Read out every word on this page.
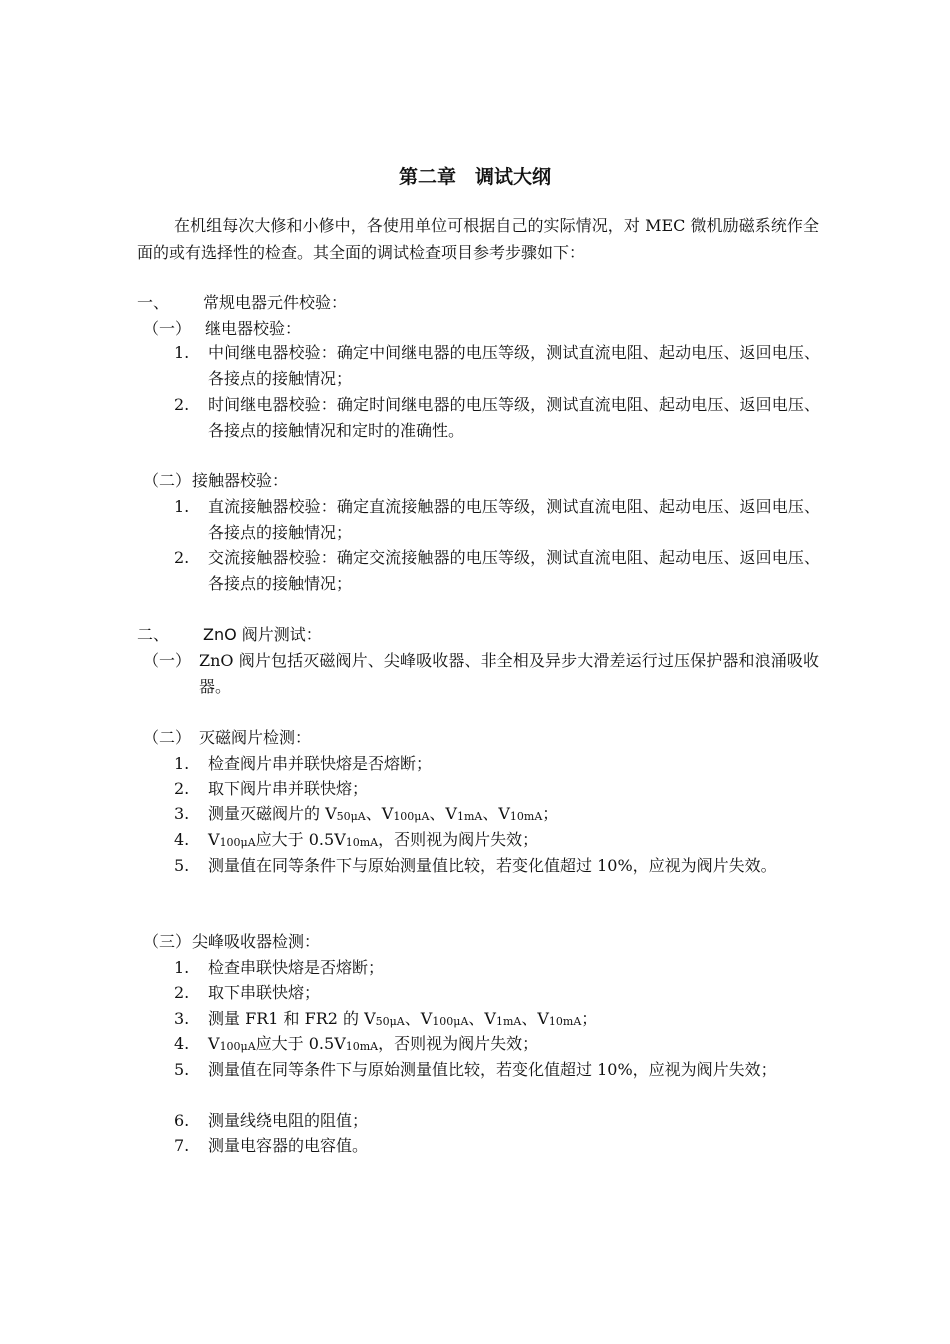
第二章　调试大纲
在机组每次大修和小修中，各使用单位可根据自己的实际情况，对 MEC 微机励磁系统作全面的或有选择性的检查。其全面的调试检查项目参考步骤如下：
一、 常规电器元件校验：
（一） 继电器校验：
1. 中间继电器校验：确定中间继电器的电压等级，测试直流电阻、起动电压、返回电压、各接点的接触情况；
2. 时间继电器校验：确定时间继电器的电压等级，测试直流电阻、起动电压、返回电压、各接点的接触情况和定时的准确性。
（二） 接触器校验：
1. 直流接触器校验：确定直流接触器的电压等级，测试直流电阻、起动电压、返回电压、各接点的接触情况；
2. 交流接触器校验：确定交流接触器的电压等级，测试直流电阻、起动电压、返回电压、各接点的接触情况；
二、 ZnO 阀片测试：
（一） ZnO 阀片包括灭磁阀片、尖峰吸收器、非全相及异步大滑差运行过压保护器和浪涌吸收器。
（二） 灭磁阀片检测：
1. 检查阀片串并联快熔是否熔断；
2. 取下阀片串并联快熔；
3. 测量灭磁阀片的 $V_{50\mu A}$、$V_{100\mu A}$、$V_{1mA}$、$V_{10mA}$；
4. $V_{100\mu A}$应大于 $0.5V_{10mA}$，否则视为阀片失效；
5. 测量值在同等条件下与原始测量值比较，若变化值超过 10%，应视为阀片失效。
（三） 尖峰吸收器检测：
1. 检查串联快熔是否熔断；
2. 取下串联快熔；
3. 测量 FR1 和 FR2 的 $V_{50\mu A}$、$V_{100\mu A}$、$V_{1mA}$、$V_{10mA}$；
4. $V_{100\mu A}$应大于 $0.5V_{10mA}$，否则视为阀片失效；
5. 测量值在同等条件下与原始测量值比较，若变化值超过 10%，应视为阀片失效；
6. 测量线绕电阻的阻值；
7. 测量电容器的电容值。
